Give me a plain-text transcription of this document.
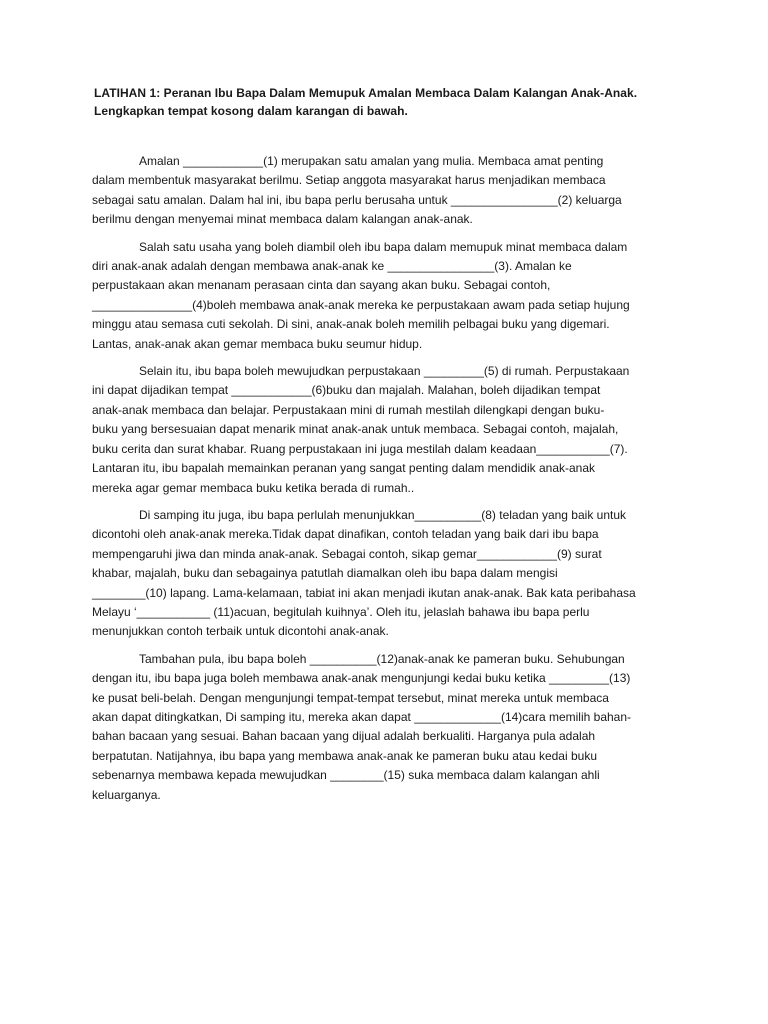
LATIHAN 1: Peranan Ibu Bapa Dalam Memupuk Amalan Membaca Dalam Kalangan Anak-Anak.
Lengkapkan tempat kosong dalam karangan di bawah.
Amalan ____________(1) merupakan satu amalan yang mulia. Membaca amat penting
dalam membentuk masyarakat berilmu. Setiap anggota masyarakat harus menjadikan membaca
sebagai satu amalan. Dalam hal ini, ibu bapa perlu berusaha untuk ________________(2) keluarga
berilmu dengan menyemai minat membaca dalam kalangan anak-anak.
Salah satu usaha yang boleh diambil oleh ibu bapa dalam memupuk minat membaca dalam
diri anak-anak adalah dengan membawa anak-anak ke ________________(3). Amalan ke
perpustakaan akan menanam perasaan cinta dan sayang akan buku. Sebagai contoh,
_______________(4)boleh membawa anak-anak mereka ke perpustakaan awam pada setiap hujung
minggu atau semasa cuti sekolah. Di sini, anak-anak boleh memilih pelbagai buku yang digemari.
Lantas, anak-anak akan gemar membaca buku seumur hidup.
Selain itu, ibu bapa boleh mewujudkan perpustakaan _________(5) di rumah. Perpustakaan
ini dapat dijadikan tempat ____________(6)buku dan majalah. Malahan, boleh dijadikan tempat
anak-anak membaca dan belajar. Perpustakaan mini di rumah mestilah dilengkapi dengan buku-
buku yang bersesuaian dapat menarik minat anak-anak untuk membaca. Sebagai contoh, majalah,
buku cerita dan surat khabar. Ruang perpustakaan ini juga mestilah dalam keadaan___________(7).
Lantaran itu, ibu bapalah memainkan peranan yang sangat penting dalam mendidik anak-anak
mereka agar gemar membaca buku ketika berada di rumah..
Di samping itu juga, ibu bapa perlulah menunjukkan__________(8) teladan yang baik untuk
dicontohi oleh anak-anak mereka.Tidak dapat dinafikan, contoh teladan yang baik dari ibu bapa
mempengaruhi jiwa dan minda anak-anak. Sebagai contoh, sikap gemar____________(9) surat
khabar, majalah, buku dan sebagainya patutlah diamalkan oleh ibu bapa dalam mengisi
________(10) lapang. Lama-kelamaan, tabiat ini akan menjadi ikutan anak-anak. Bak kata peribahasa
Melayu ‘___________ (11)acuan, begitulah kuihnya’. Oleh itu, jelaslah bahawa ibu bapa perlu
menunjukkan contoh terbaik untuk dicontohi anak-anak.
Tambahan pula, ibu bapa boleh __________(12)anak-anak ke pameran buku. Sehubungan
dengan itu, ibu bapa juga boleh membawa anak-anak mengunjungi kedai buku ketika _________(13)
ke pusat beli-belah. Dengan mengunjungi tempat-tempat tersebut, minat mereka untuk membaca
akan dapat ditingkatkan, Di samping itu, mereka akan dapat _____________(14)cara memilih bahan-
bahan bacaan yang sesuai. Bahan bacaan yang dijual adalah berkualiti. Harganya pula adalah
berpatutan. Natijahnya, ibu bapa yang membawa anak-anak ke pameran buku atau kedai buku
sebenarnya membawa kepada mewujudkan ________(15) suka membaca dalam kalangan ahli
keluarganya.
